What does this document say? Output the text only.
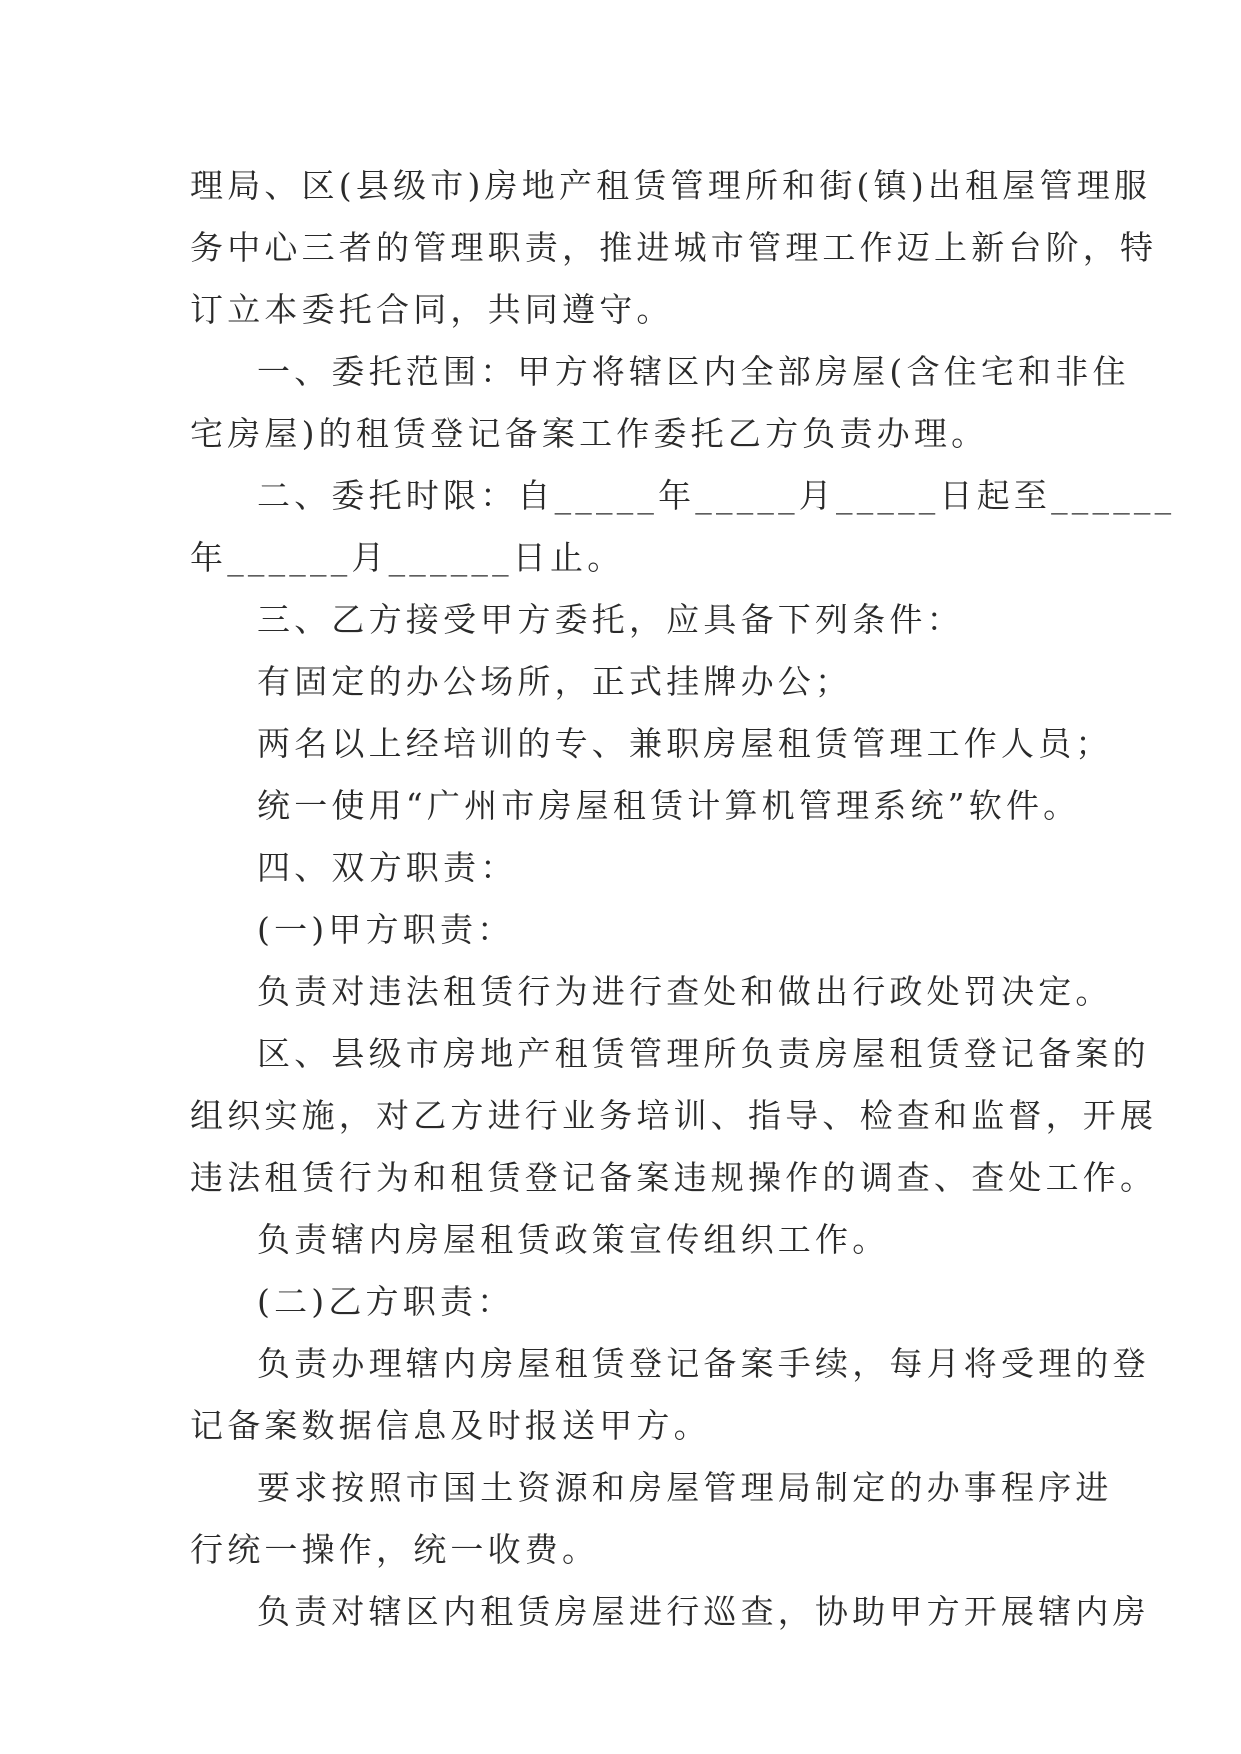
理局、区(县级市)房地产租赁管理所和街(镇)出租屋管理服
务中心三者的管理职责，推进城市管理工作迈上新台阶，特
订立本委托合同，共同遵守。
一、委托范围：甲方将辖区内全部房屋(含住宅和非住
宅房屋)的租赁登记备案工作委托乙方负责办理。
二、委托时限：自_____年_____月_____日起至______
年______月______日止。
三、乙方接受甲方委托，应具备下列条件：
有固定的办公场所，正式挂牌办公；
两名以上经培训的专、兼职房屋租赁管理工作人员；
统一使用“广州市房屋租赁计算机管理系统”软件。
四、双方职责：
(一)甲方职责：
负责对违法租赁行为进行查处和做出行政处罚决定。
区、县级市房地产租赁管理所负责房屋租赁登记备案的
组织实施，对乙方进行业务培训、指导、检查和监督，开展
违法租赁行为和租赁登记备案违规操作的调查、查处工作。
负责辖内房屋租赁政策宣传组织工作。
(二)乙方职责：
负责办理辖内房屋租赁登记备案手续，每月将受理的登
记备案数据信息及时报送甲方。
要求按照市国土资源和房屋管理局制定的办事程序进
行统一操作，统一收费。
负责对辖区内租赁房屋进行巡查，协助甲方开展辖内房
